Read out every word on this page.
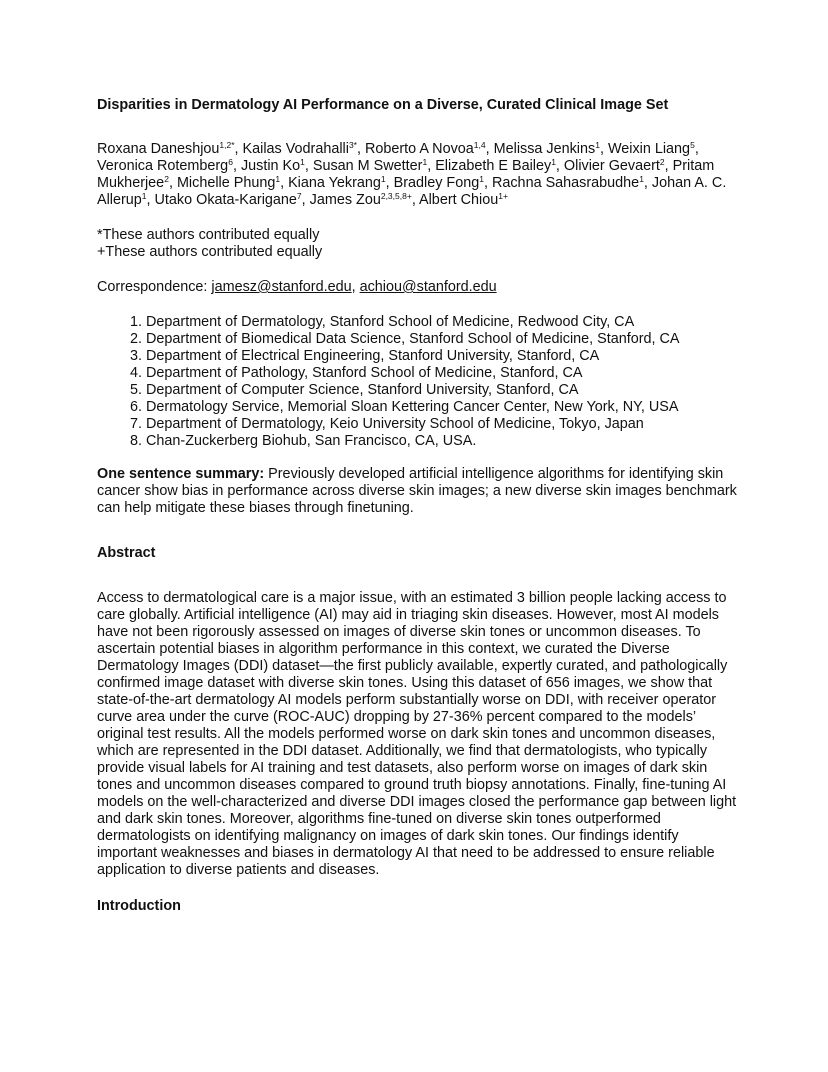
Disparities in Dermatology AI Performance on a Diverse, Curated Clinical Image Set

Roxana Daneshjou$^{1,2*}$, Kailas Vodrahalli$^{3*}$, Roberto A Novoa$^{1,4}$, Melissa Jenkins$^1$, Weixin Liang$^5$, Veronica Rotemberg$^6$, Justin Ko$^1$, Susan M Swetter$^1$, Elizabeth E Bailey$^1$, Olivier Gevaert$^2$, Pritam Mukherjee$^2$, Michelle Phung$^1$, Kiana Yekrang$^1$, Bradley Fong$^1$, Rachna Sahasrabudhe$^1$, Johan A. C. Allerup$^1$, Utako Okata-Karigane$^7$, James Zou$^{2,3,5,8+}$, Albert Chiou$^{1+}$

*These authors contributed equally

+These authors contributed equally

Correspondence: jamesz@stanford.edu, achiou@stanford.edu

1. Department of Dermatology, Stanford School of Medicine, Redwood City, CA
2. Department of Biomedical Data Science, Stanford School of Medicine, Stanford, CA
3. Department of Electrical Engineering, Stanford University, Stanford, CA
4. Department of Pathology, Stanford School of Medicine, Stanford, CA
5. Department of Computer Science, Stanford University, Stanford, CA
6. Dermatology Service, Memorial Sloan Kettering Cancer Center, New York, NY, USA
7. Department of Dermatology, Keio University School of Medicine, Tokyo, Japan
8. Chan-Zuckerberg Biohub, San Francisco, CA, USA.

One sentence summary: Previously developed artificial intelligence algorithms for identifying skin cancer show bias in performance across diverse skin images; a new diverse skin images benchmark can help mitigate these biases through finetuning.

Abstract

Access to dermatological care is a major issue, with an estimated 3 billion people lacking access to care globally. Artificial intelligence (AI) may aid in triaging skin diseases. However, most AI models have not been rigorously assessed on images of diverse skin tones or uncommon diseases. To ascertain potential biases in algorithm performance in this context, we curated the Diverse Dermatology Images (DDI) dataset—the first publicly available, expertly curated, and pathologically confirmed image dataset with diverse skin tones. Using this dataset of 656 images, we show that state-of-the-art dermatology AI models perform substantially worse on DDI, with receiver operator curve area under the curve (ROC-AUC) dropping by 27-36% percent compared to the models’ original test results. All the models performed worse on dark skin tones and uncommon diseases, which are represented in the DDI dataset. Additionally, we find that dermatologists, who typically provide visual labels for AI training and test datasets, also perform worse on images of dark skin tones and uncommon diseases compared to ground truth biopsy annotations. Finally, fine-tuning AI models on the well-characterized and diverse DDI images closed the performance gap between light and dark skin tones. Moreover, algorithms fine-tuned on diverse skin tones outperformed dermatologists on identifying malignancy on images of dark skin tones. Our findings identify important weaknesses and biases in dermatology AI that need to be addressed to ensure reliable application to diverse patients and diseases.

Introduction
